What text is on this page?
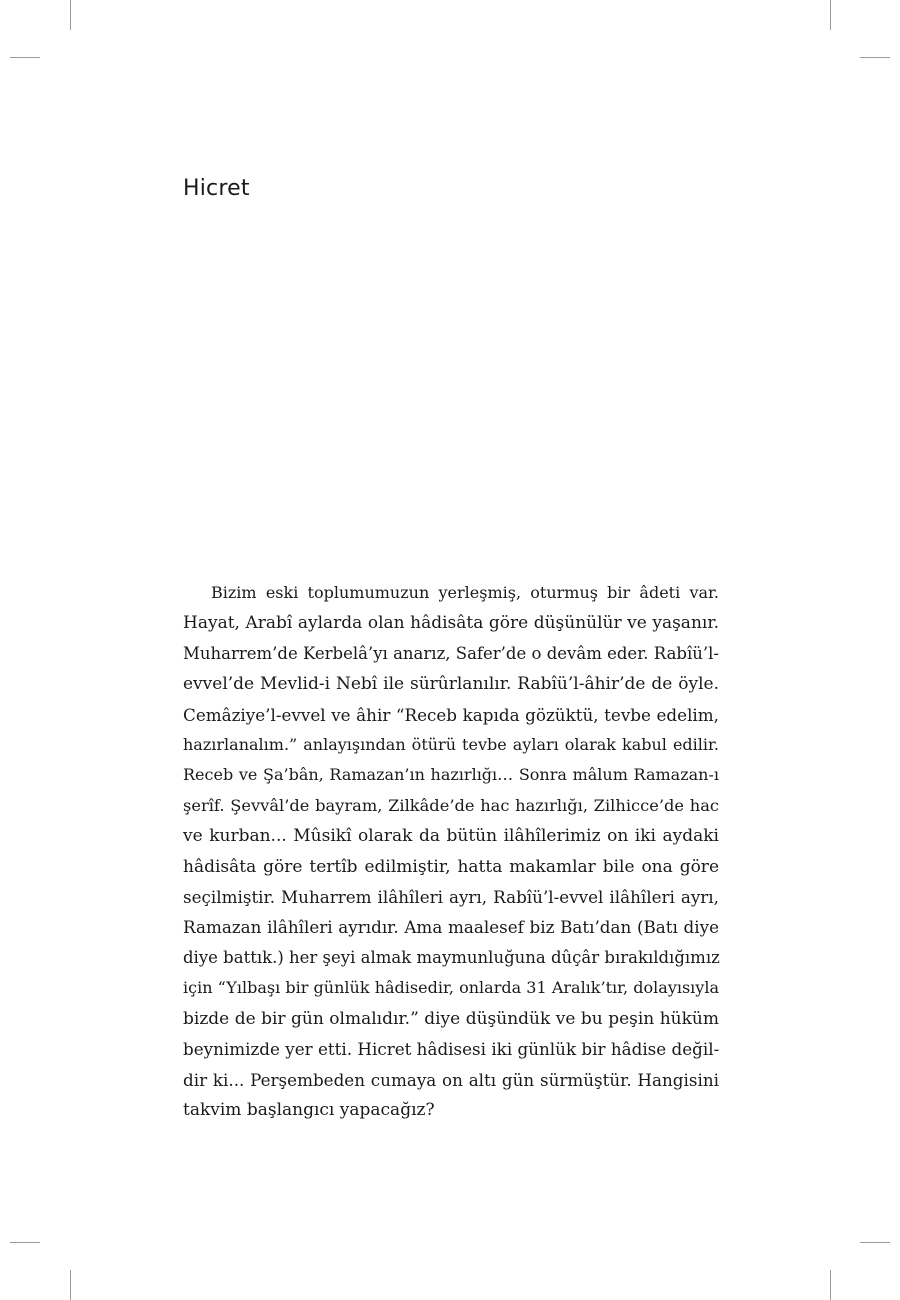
Hicret

Bizim eski toplumumuzun yerleşmiş, oturmuş bir âdeti var.
Hayat, Arabî aylarda olan hâdisâta göre düşünülür ve yaşanır.
Muharrem’de Kerbelâ’yı anarız, Safer’de o devâm eder. Rabîü’l-
evvel’de Mevlid-i Nebî ile sürûrlanılır. Rabîü’l-âhir’de de öyle.
Cemâziye’l-evvel ve âhir “Receb kapıda gözüktü, tevbe edelim,
hazırlanalım.” anlayışından ötürü tevbe ayları olarak kabul edilir.
Receb ve Şa’bân, Ramazan’ın hazırlığı… Sonra mâlum Ramazan-ı
şerîf. Şevvâl’de bayram, Zilkâde’de hac hazırlığı, Zilhicce’de hac
ve kurban... Mûsikî olarak da bütün ilâhîlerimiz on iki aydaki
hâdisâta göre tertîb edilmiştir, hatta makamlar bile ona göre
seçilmiştir. Muharrem ilâhîleri ayrı, Rabîü’l-evvel ilâhîleri ayrı,
Ramazan ilâhîleri ayrıdır. Ama maalesef biz Batı’dan (Batı diye
diye battık.) her şeyi almak maymunluğuna dûçâr bırakıldığımız
için “Yılbaşı bir günlük hâdisedir, onlarda 31 Aralık’tır, dolayısıyla
bizde de bir gün olmalıdır.” diye düşündük ve bu peşin hüküm
beynimizde yer etti. Hicret hâdisesi iki günlük bir hâdise değil-
dir ki... Perşembeden cumaya on altı gün sürmüştür. Hangisini
takvim başlangıcı yapacağız?
